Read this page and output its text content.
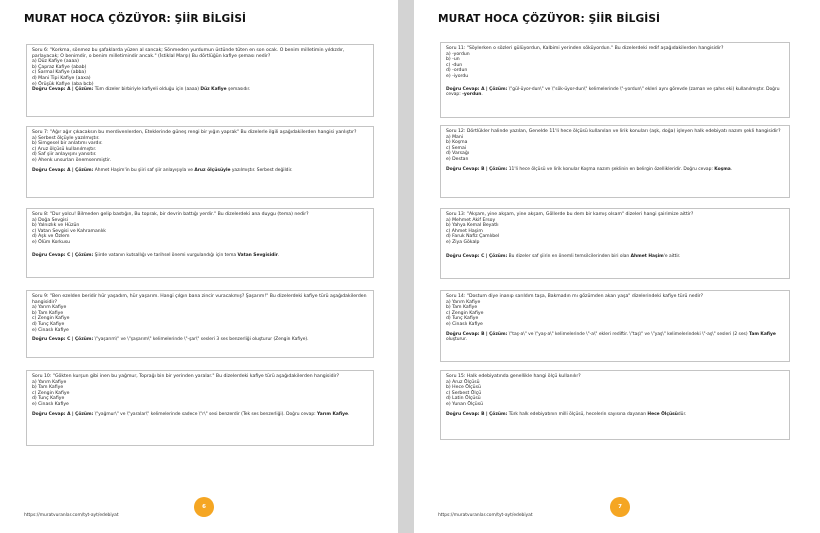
MURAT HOCA ÇÖZÜYOR: ŞİİR BİLGİSİ
Soru 6: "Korkma, sönmez bu şafaklarda yüzen al sancak; Sönmeden yurdumun üstünde tüten en son ocak. O benim milletimin yıldızdır, parlayacak; O benimdir, o benim milletimindir ancak." (İstiklal Marşı) Bu dörtlüğün kafiye şeması nedir?
a) Düz Kafiye (aaaa)
b) Çapraz Kafiye (abab)
c) Sarmal Kafiye (abba)
d) Mani Tipi Kafiye (aaxa)
e) Örüşük Kafiye (aba bcb)
Doğru Cevap: A | Çözüm: Tüm dizeler birbiriyle kafiyeli olduğu için (aaaa) Düz Kafiye şemasıdır.
Soru 7: "Ağır ağır çıkacaksın bu merdivenlerden, Eteklerinde güneş rengi bir yığın yaprak" Bu dizelerle ilgili aşağıdakilerden hangisi yanlıştır?
a) Serbest ölçüyle yazılmıştır.
b) Simgesel bir anlatımı vardır.
c) Aruz ölçüsü kullanılmıştır.
d) Saf şiir anlayışını yansıtır.
e) Ahenk unsurları önemsenmiştir.
Doğru Cevap: A | Çözüm: Ahmet Haşim'in bu şiiri saf şiir anlayışıyla ve Aruz ölçüsüyle yazılmıştır. Serbest değildir.
Soru 8: "Dur yolcu! Bilmeden gelip bastığın, Bu toprak, bir devrin battığı yerdir." Bu dizelerdeki ana duygu (tema) nedir?
a) Doğa Sevgisi
b) Yalnızlık ve Hüzün
c) Vatan Sevgisi ve Kahramanlık
d) Aşk ve Özlem
e) Ölüm Korkusu
Doğru Cevap: C | Çözüm: Şiirde vatanın kutsallığı ve tarihsel önemi vurgulandığı için tema Vatan Sevgisidir.
Soru 9: "Ben ezelden beridir hür yaşadım, hür yaşarım. Hangi çılgın bana zincir vuracakmış? Şaşarım!" Bu dizelerdeki kafiye türü aşağıdakilerden hangisidir?
a) Yarım Kafiye
b) Tam Kafiye
c) Zengin Kafiye
d) Tunç Kafiye
e) Cinaslı Kafiye
Doğru Cevap: C | Çözüm: \"yaşarım\" ve \"şaşarım\" kelimelerinde \"-şar\" sesleri 3 ses benzerliği oluşturur (Zengin Kafiye).
Soru 10: "Gökten kurşun gibi inen bu yağmur, Toprağı bin bir yerinden yaralar." Bu dizelerdeki kafiye türü aşağıdakilerden hangisidir?
a) Yarım Kafiye
b) Tam Kafiye
c) Zengin Kafiye
d) Tunç Kafiye
e) Cinaslı Kafiye
Doğru Cevap: A | Çözüm: \"yağmur\" ve \"yaralar\" kelimelerinde sadece \"r\" sesi benzerdir (Tek ses benzerliği). Doğru cevap: Yarım Kafiye.
6
https://muratvuranlar.com/tyt-ayt/edebiyat
MURAT HOCA ÇÖZÜYOR: ŞİİR BİLGİSİ
Soru 11: "Söylerken o sözleri gülüyordun, Kalbimi yerinden söküyordun." Bu dizelerdeki redif aşağıdakilerden hangisidir?
a) -yordun
b) -un
c) -dun
d) -ordun
e) -iyordu
Doğru Cevap: A | Çözüm: \"gül-üyor-dun\" ve \"sök-üyor-dun\" kelimelerinde \"-yordun\" ekleri aynı görevde (zaman ve şahıs eki) kullanılmıştır. Doğru cevap: -yordun.
Soru 12: Dörtlükler halinde yazılan, Genelde 11'li hece ölçüsü kullanılan ve lirik konuları (aşk, doğa) işleyen halk edebiyatı nazım şekli hangisidir?
a) Mani
b) Koşma
c) Semai
d) Varsağı
e) Destan
Doğru Cevap: B | Çözüm: 11'li hece ölçüsü ve lirik konular Koşma nazım şeklinin en belirgin özellikleridir. Doğru cevap: Koşma.
Soru 13: "Akşam, yine akşam, yine akşam, Göllerde bu dem bir kamış olsam" dizeleri hangi şairimize aittir?
a) Mehmet Akif Ersoy
b) Yahya Kemal Beyatlı
c) Ahmet Haşim
d) Faruk Nafiz Çamlıbel
e) Ziya Gökalp
Doğru Cevap: C | Çözüm: Bu dizeler saf şiirin en önemli temsilcilerinden biri olan Ahmet Haşim'e aittir.
Soru 14: "Dostum diye inanıp sarıldım taşa, Bakmadın mı gözümden akan yaşa" dizelerindeki kafiye türü nedir?
a) Yarım Kafiye
b) Tam Kafiye
c) Zengin Kafiye
d) Tunç Kafiye
e) Cinaslı Kafiye
Doğru Cevap: B | Çözüm: \"taş-a\" ve \"yaş-a\" kelimelerinde \"-a\" ekleri rediftir. \"taş\" ve \"yaş\" kelimelerindeki \"-aş\" sesleri (2 ses) Tam Kafiye oluşturur.
Soru 15: Halk edebiyatında genellikle hangi ölçü kullanılır?
a) Aruz Ölçüsü
b) Hece Ölçüsü
c) Serbest Ölçü
d) Latin Ölçüsü
e) Yunan Ölçüsü
Doğru Cevap: B | Çözüm: Türk halk edebiyatının milli ölçüsü, hecelerin sayısına dayanan Hece Ölçüsüdür.
7
https://muratvuranlar.com/tyt-ayt/edebiyat
